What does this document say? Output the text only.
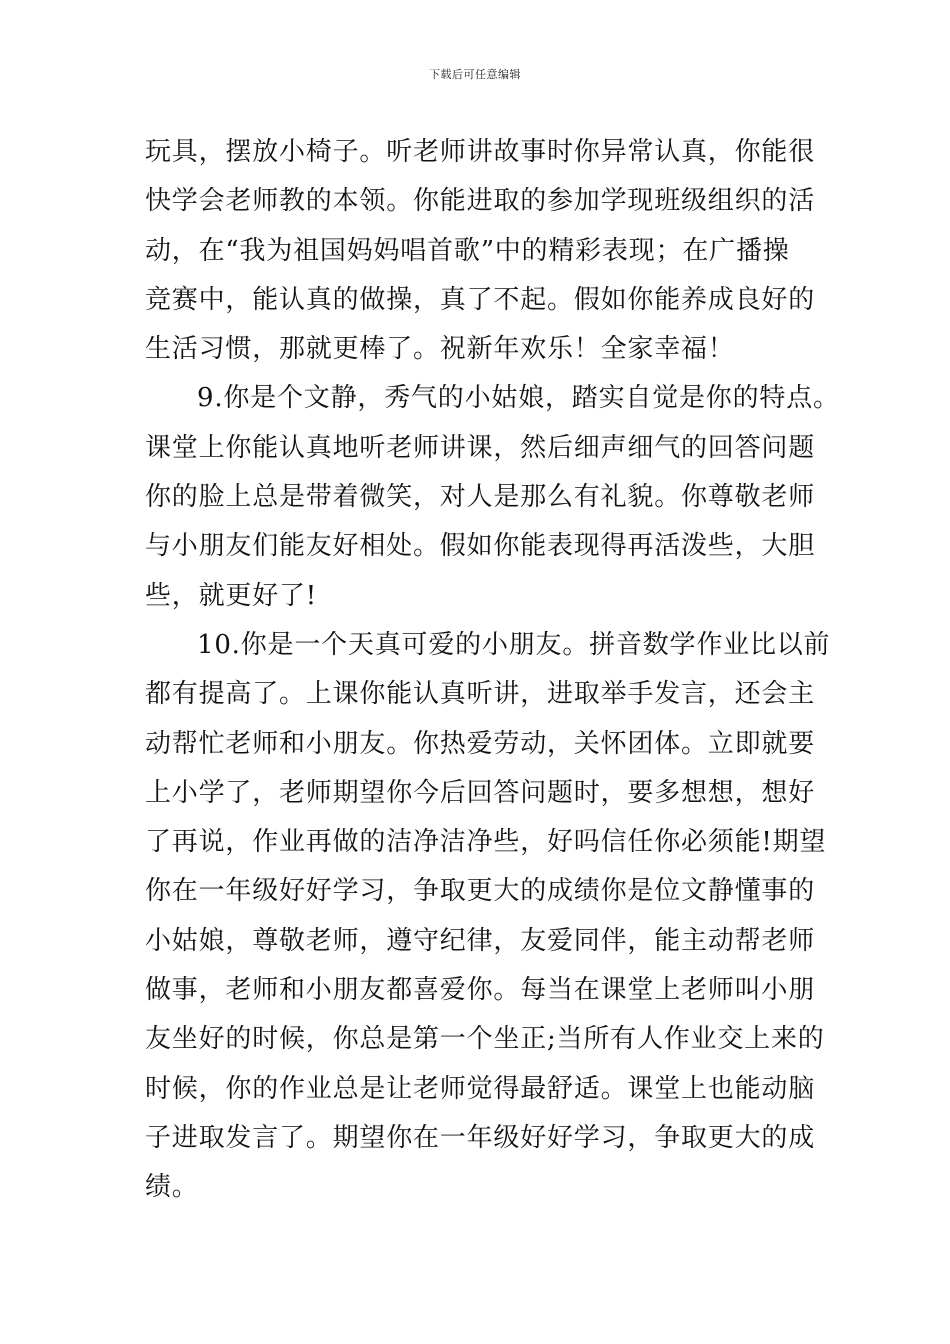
下载后可任意编辑
玩具，摆放小椅子。听老师讲故事时你异常认真，你能很
快学会老师教的本领。你能进取的参加学现班级组织的活
动，在“我为祖国妈妈唱首歌”中的精彩表现；在广播操
竞赛中，能认真的做操，真了不起。假如你能养成良好的
生活习惯，那就更棒了。祝新年欢乐！全家幸福！
9.你是个文静，秀气的小姑娘，踏实自觉是你的特点。
课堂上你能认真地听老师讲课，然后细声细气的回答问题
你的脸上总是带着微笑，对人是那么有礼貌。你尊敬老师
与小朋友们能友好相处。假如你能表现得再活泼些，大胆
些，就更好了!
10.你是一个天真可爱的小朋友。拼音数学作业比以前
都有提高了。上课你能认真听讲，进取举手发言，还会主
动帮忙老师和小朋友。你热爱劳动，关怀团体。立即就要
上小学了，老师期望你今后回答问题时，要多想想，想好
了再说，作业再做的洁净洁净些，好吗信任你必须能!期望
你在一年级好好学习，争取更大的成绩你是位文静懂事的
小姑娘，尊敬老师，遵守纪律，友爱同伴，能主动帮老师
做事，老师和小朋友都喜爱你。每当在课堂上老师叫小朋
友坐好的时候，你总是第一个坐正;当所有人作业交上来的
时候，你的作业总是让老师觉得最舒适。课堂上也能动脑
子进取发言了。期望你在一年级好好学习，争取更大的成
绩。
